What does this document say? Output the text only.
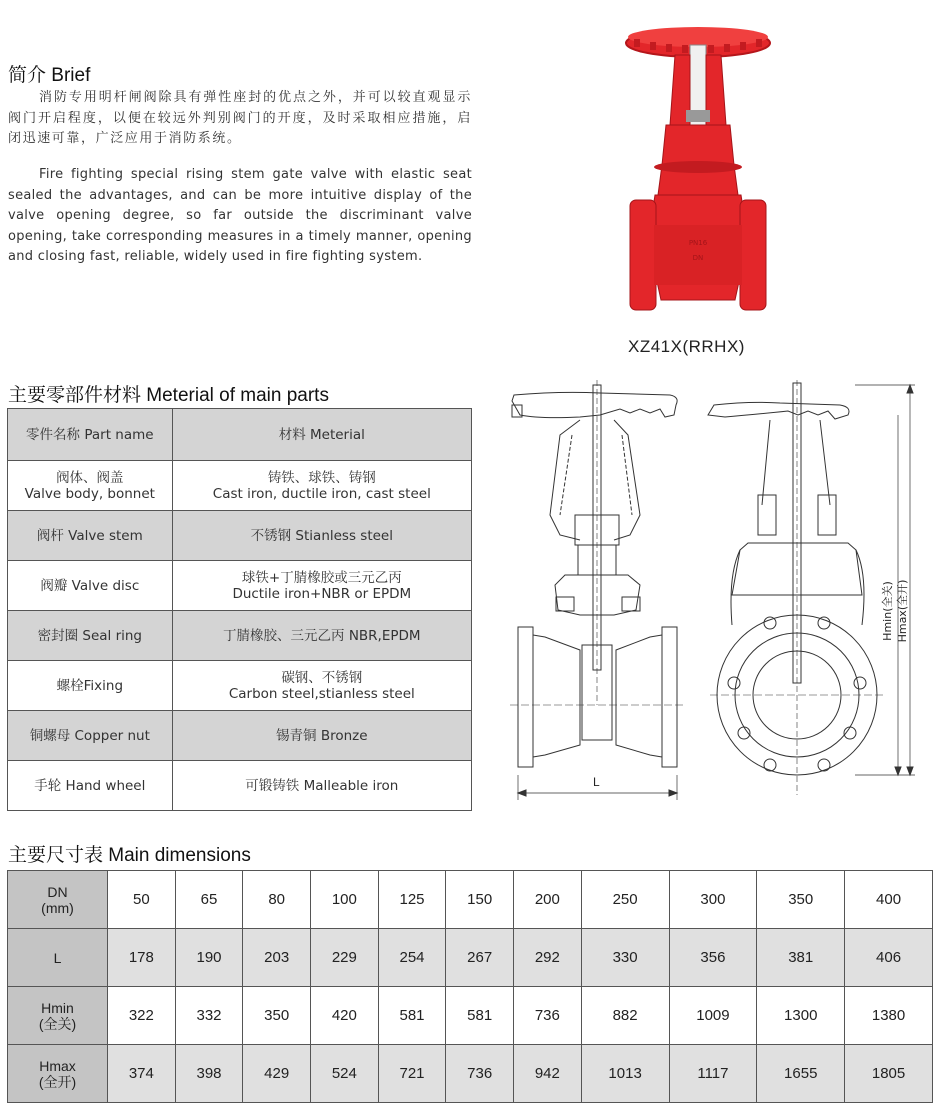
简介 Brief

消防专用明杆闸阀除具有弹性座封的优点之外，并可以较直观显示阀门开启程度，以便在较远外判别阀门的开度，及时采取相应措施，启闭迅速可靠，广泛应用于消防系统。

Fire fighting special rising stem gate valve with elastic seat sealed the advantages, and can be more intuitive display of the valve opening degree, so far outside the discriminant valve opening, take corresponding measures in a timely manner, opening and closing fast, reliable, widely used in fire fighting system.

PN16
DN
XZ41X(RRHX)
主要零部件材料 Meterial of main parts
零件名称 Part name	材料 Meterial
阀体、阀盖
Valve body, bonnet	铸铁、球铁、铸钢
Cast iron, ductile iron, cast steel
阀杆 Valve stem	不锈钢 Stianless steel
阀瓣 Valve disc	球铁+丁腈橡胶或三元乙丙
Ductile iron+NBR or EPDM
密封圈 Seal ring	丁腈橡胶、三元乙丙 NBR,EPDM
螺栓Fixing	碳钢、不锈钢
Carbon steel,stianless steel
铜螺母 Copper nut	锡青铜 Bronze
手轮 Hand wheel	可锻铸铁 Malleable iron	L
Hmin(全关) Hmax(全开)
主要尺寸表 Main dimensions
DN
(mm)	50	65	80	100	125	150	200	250	300	350	400
L	178	190	203	229	254	267	292	330	356	381	406
Hmin
(全关)	322	332	350	420	581	581	736	882	1009	1300	1380
Hmax
(全开)	374	398	429	524	721	736	942	1013	1117	1655	1805
